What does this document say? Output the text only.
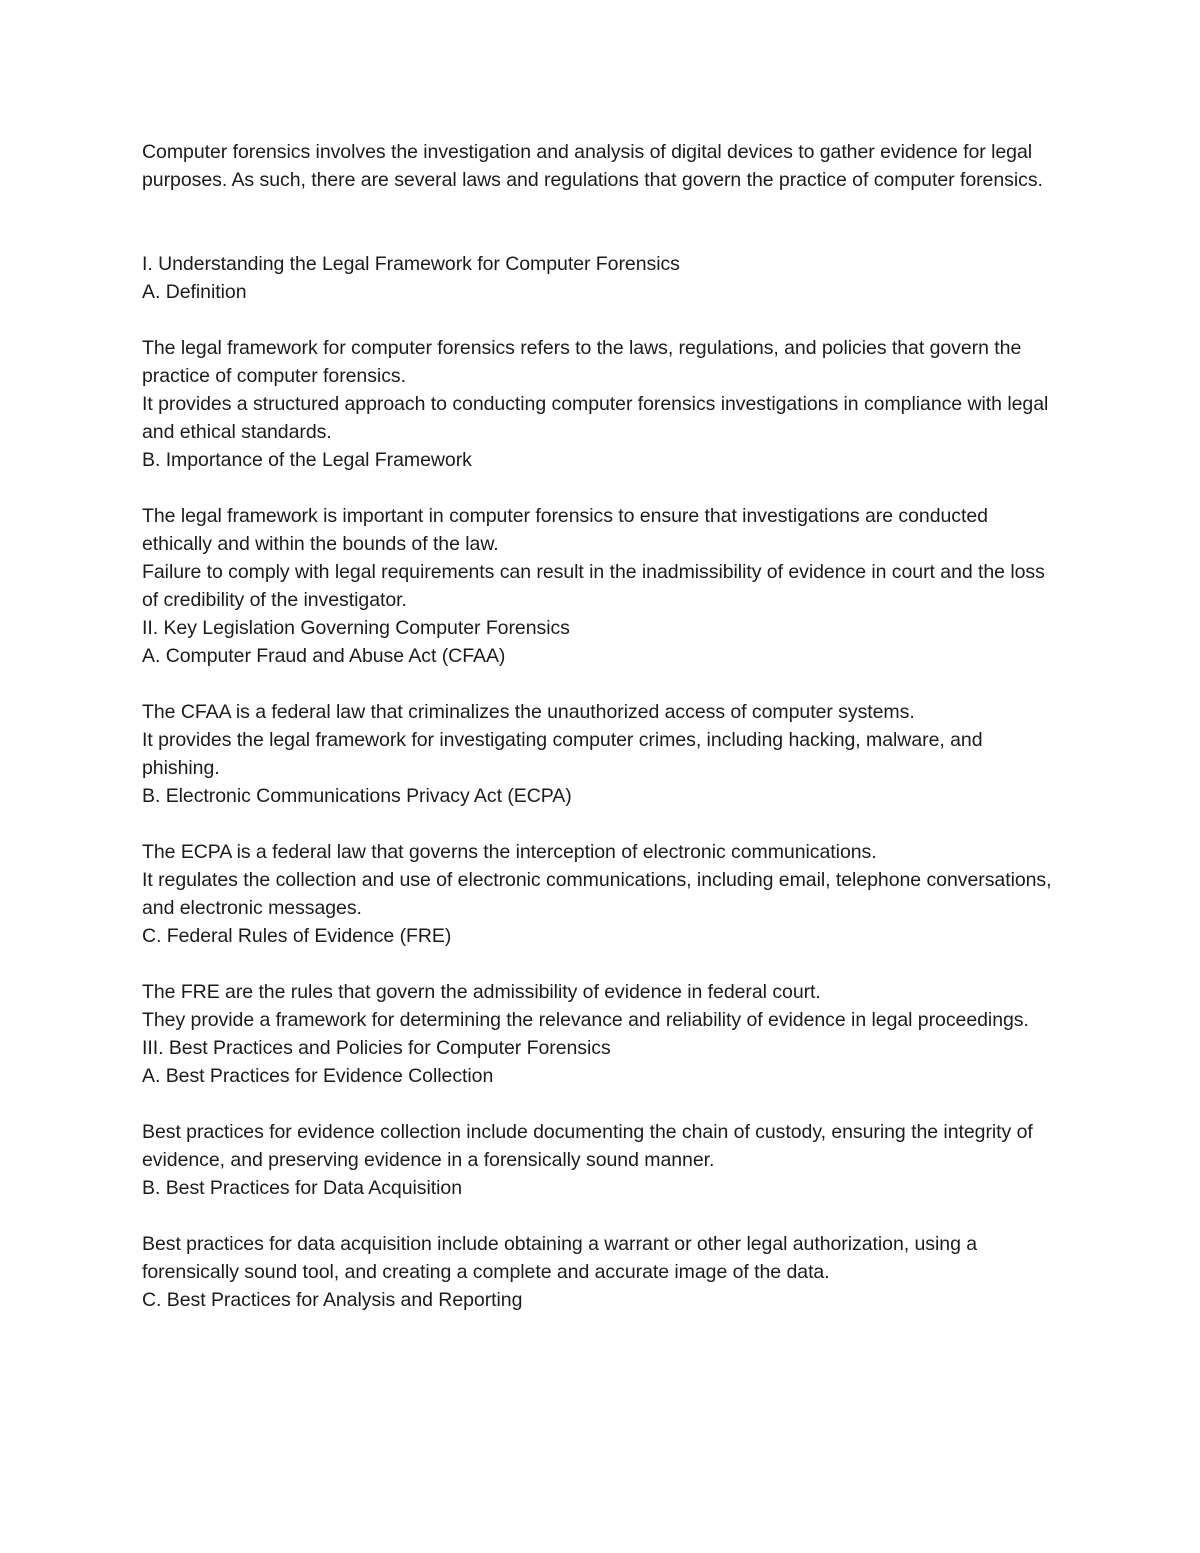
Computer forensics involves the investigation and analysis of digital devices to gather evidence for legal purposes. As such, there are several laws and regulations that govern the practice of computer forensics.

I. Understanding the Legal Framework for Computer Forensics

A. Definition

The legal framework for computer forensics refers to the laws, regulations, and policies that govern the practice of computer forensics.

It provides a structured approach to conducting computer forensics investigations in compliance with legal and ethical standards.

B. Importance of the Legal Framework

The legal framework is important in computer forensics to ensure that investigations are conducted ethically and within the bounds of the law.

Failure to comply with legal requirements can result in the inadmissibility of evidence in court and the loss of credibility of the investigator.

II. Key Legislation Governing Computer Forensics

A. Computer Fraud and Abuse Act (CFAA)

The CFAA is a federal law that criminalizes the unauthorized access of computer systems.

It provides the legal framework for investigating computer crimes, including hacking, malware, and phishing.

B. Electronic Communications Privacy Act (ECPA)

The ECPA is a federal law that governs the interception of electronic communications.

It regulates the collection and use of electronic communications, including email, telephone conversations, and electronic messages.

C. Federal Rules of Evidence (FRE)

The FRE are the rules that govern the admissibility of evidence in federal court.

They provide a framework for determining the relevance and reliability of evidence in legal proceedings.

III. Best Practices and Policies for Computer Forensics

A. Best Practices for Evidence Collection

Best practices for evidence collection include documenting the chain of custody, ensuring the integrity of evidence, and preserving evidence in a forensically sound manner.

B. Best Practices for Data Acquisition

Best practices for data acquisition include obtaining a warrant or other legal authorization, using a forensically sound tool, and creating a complete and accurate image of the data.

C. Best Practices for Analysis and Reporting
